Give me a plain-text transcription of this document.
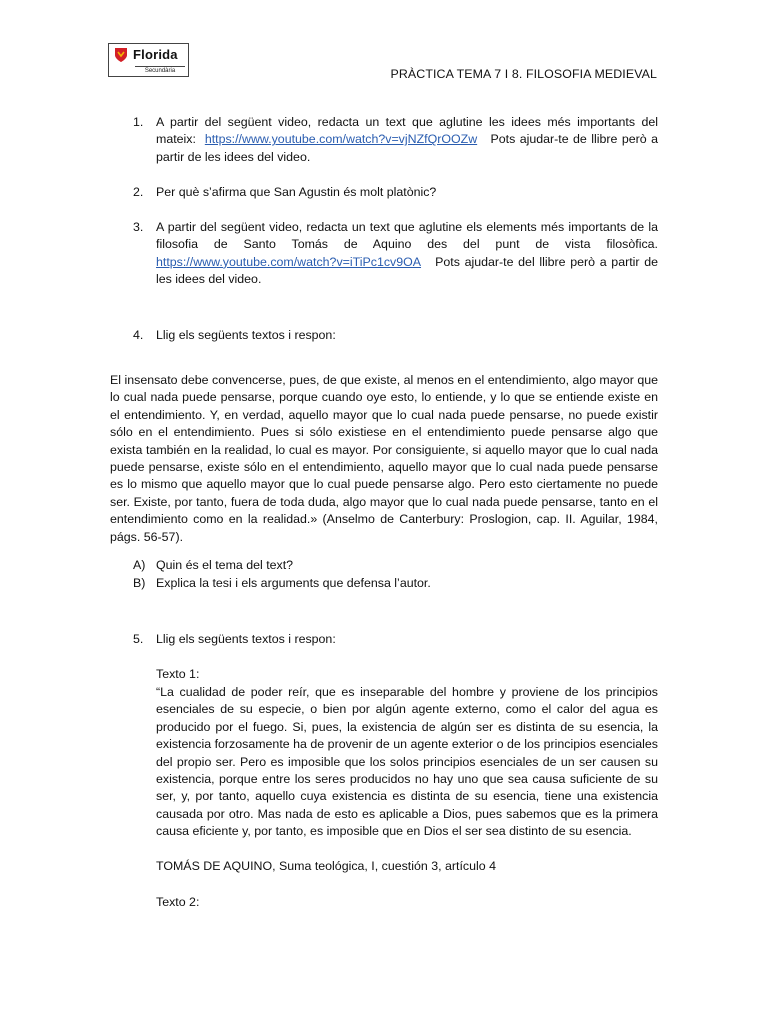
Florida
Secundària	PRÀCTICA TEMA 7 I 8. FILOSOFIA MEDIEVAL
1.	A partir del següent video, redacta un text que aglutine les idees més importants del mateix: https://www.youtube.com/watch?v=vjNZfQrOOZw Pots ajudar-te de llibre però a partir de les idees del video.
2.	Per què s’afirma que San Agustin és molt platònic?
3.	A partir del següent video, redacta un text que aglutine els elements més importants de la filosofia de Santo Tomás de Aquino des del punt de vista filosòfica. https://www.youtube.com/watch?v=iTiPc1cv9OA Pots ajudar-te del llibre però a partir de les idees del video.
4.	Llig els següents textos i respon:
El insensato debe convencerse, pues, de que existe, al menos en el entendimiento, algo mayor que lo cual nada puede pensarse, porque cuando oye esto, lo entiende, y lo que se entiende existe en el entendimiento. Y, en verdad, aquello mayor que lo cual nada puede pensarse, no puede existir sólo en el entendimiento. Pues si sólo existiese en el entendimiento puede pensarse algo que exista también en la realidad, lo cual es mayor. Por consiguiente, si aquello mayor que lo cual nada puede pensarse, existe sólo en el entendimiento, aquello mayor que lo cual nada puede pensarse es lo mismo que aquello mayor que lo cual puede pensarse algo. Pero esto ciertamente no puede ser. Existe, por tanto, fuera de toda duda, algo mayor que lo cual nada puede pensarse, tanto en el entendimiento como en la realidad.» (Anselmo de Canterbury: Proslogion, cap. II. Aguilar, 1984, págs. 56-57).
A) Quin és el tema del text?
B) Explica la tesi i els arguments que defensa l’autor.
5.	Llig els següents textos i respon:
Texto 1:
“La cualidad de poder reír, que es inseparable del hombre y proviene de los principios esenciales de su especie, o bien por algún agente externo, como el calor del agua es producido por el fuego. Si, pues, la existencia de algún ser es distinta de su esencia, la existencia forzosamente ha de provenir de un agente exterior o de los principios esenciales del propio ser. Pero es imposible que los solos principios esenciales de un ser causen su existencia, porque entre los seres producidos no hay uno que sea causa suficiente de su ser, y, por tanto, aquello cuya existencia es distinta de su esencia, tiene una existencia causada por otro. Mas nada de esto es aplicable a Dios, pues sabemos que es la primera causa eficiente y, por tanto, es imposible que en Dios el ser sea distinto de su esencia.
TOMÁS DE AQUINO, Suma teológica, I, cuestión 3, artículo 4
Texto 2:
